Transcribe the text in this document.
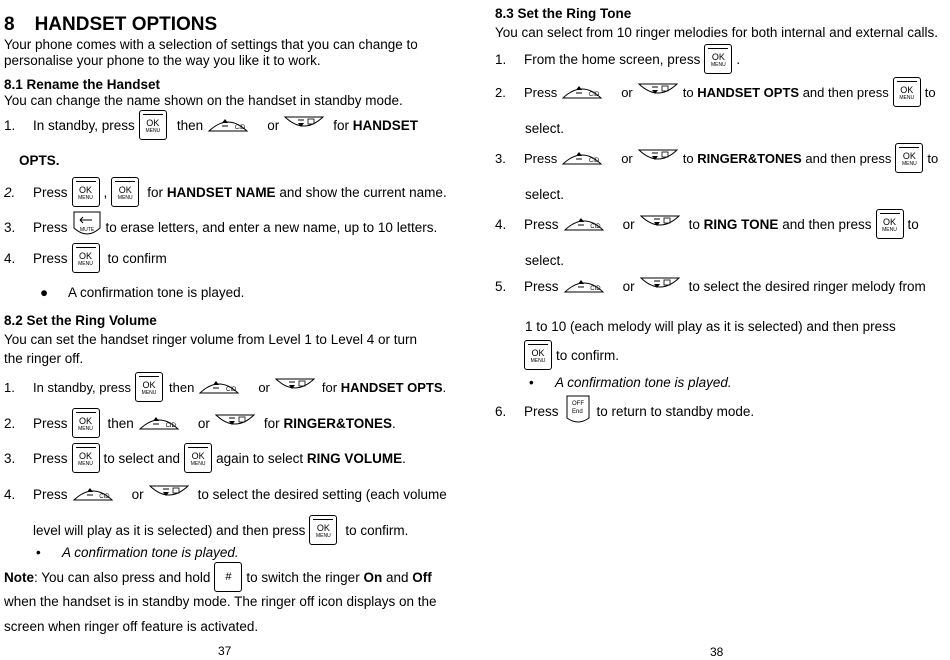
8 HANDSET OPTIONS
Your phone comes with a selection of settings that you can change to
personalise your phone to the way you like it to work.
8.1 Rename the Handset
You can change the name shown on the handset in standby mode.
1.	In standby, press	OK
MENU	then	$^{CID}$	or	for
HANDSET
OPTS.
2.	Press	OK
MENU ,	OK
MENU	for
HANDSET NAME
and show the current name.
3.	Press MUTE to erase letters, and enter a new name, up to 10 letters.
4.	Press	OK
MENU	to confirm
● A confirmation tone is played.
8.2 Set the Ring Volume
You can set the handset ringer volume from Level 1 to Level 4 or turn
the ringer off.
1.	In standby, press	OK
MENU then	$^{CID}$	or	for
HANDSET OPTS .
2.	Press	OK
MENU	then	$^{CID}$	or	for
RINGER&TONES .
3.	Press	OK
MENU to select and	OK
MENU again to select
RING VOLUME .
4.	Press	$^{CID}$	or	to select the desired setting (each volume
level will play as it is selected) and then press	OK
MENU	to confirm.
• A confirmation tone is played.
Note : You can also press and hold	#	to switch the ringer
On
and
Off
when the handset is in standby mode. The ringer off icon displays on the
screen when ringer off feature is activated.
37
8.3 Set the Ring Tone
You can select from 10 ringer melodies for both internal and external calls.
1.	From the home screen, press	OK
MENU .
2.	Press	$^{CID}$	or	to
HANDSET OPTS
and then press	OK
MENU to
select.
3.	Press	$^{CID}$	or	to
RINGER&TONES
and then press	OK
MENU to
select.
4.	Press	$^{CID}$	or	to
RING TONE
and then press	OK
MENU to
select.
5.	Press	$^{CID}$	or	to select the desired ringer melody from
1 to 10 (each melody will play as it is selected) and then press
OK
MENU to confirm.
• A confirmation tone is played.
6.	Press OFF
End to return to standby mode.
38
